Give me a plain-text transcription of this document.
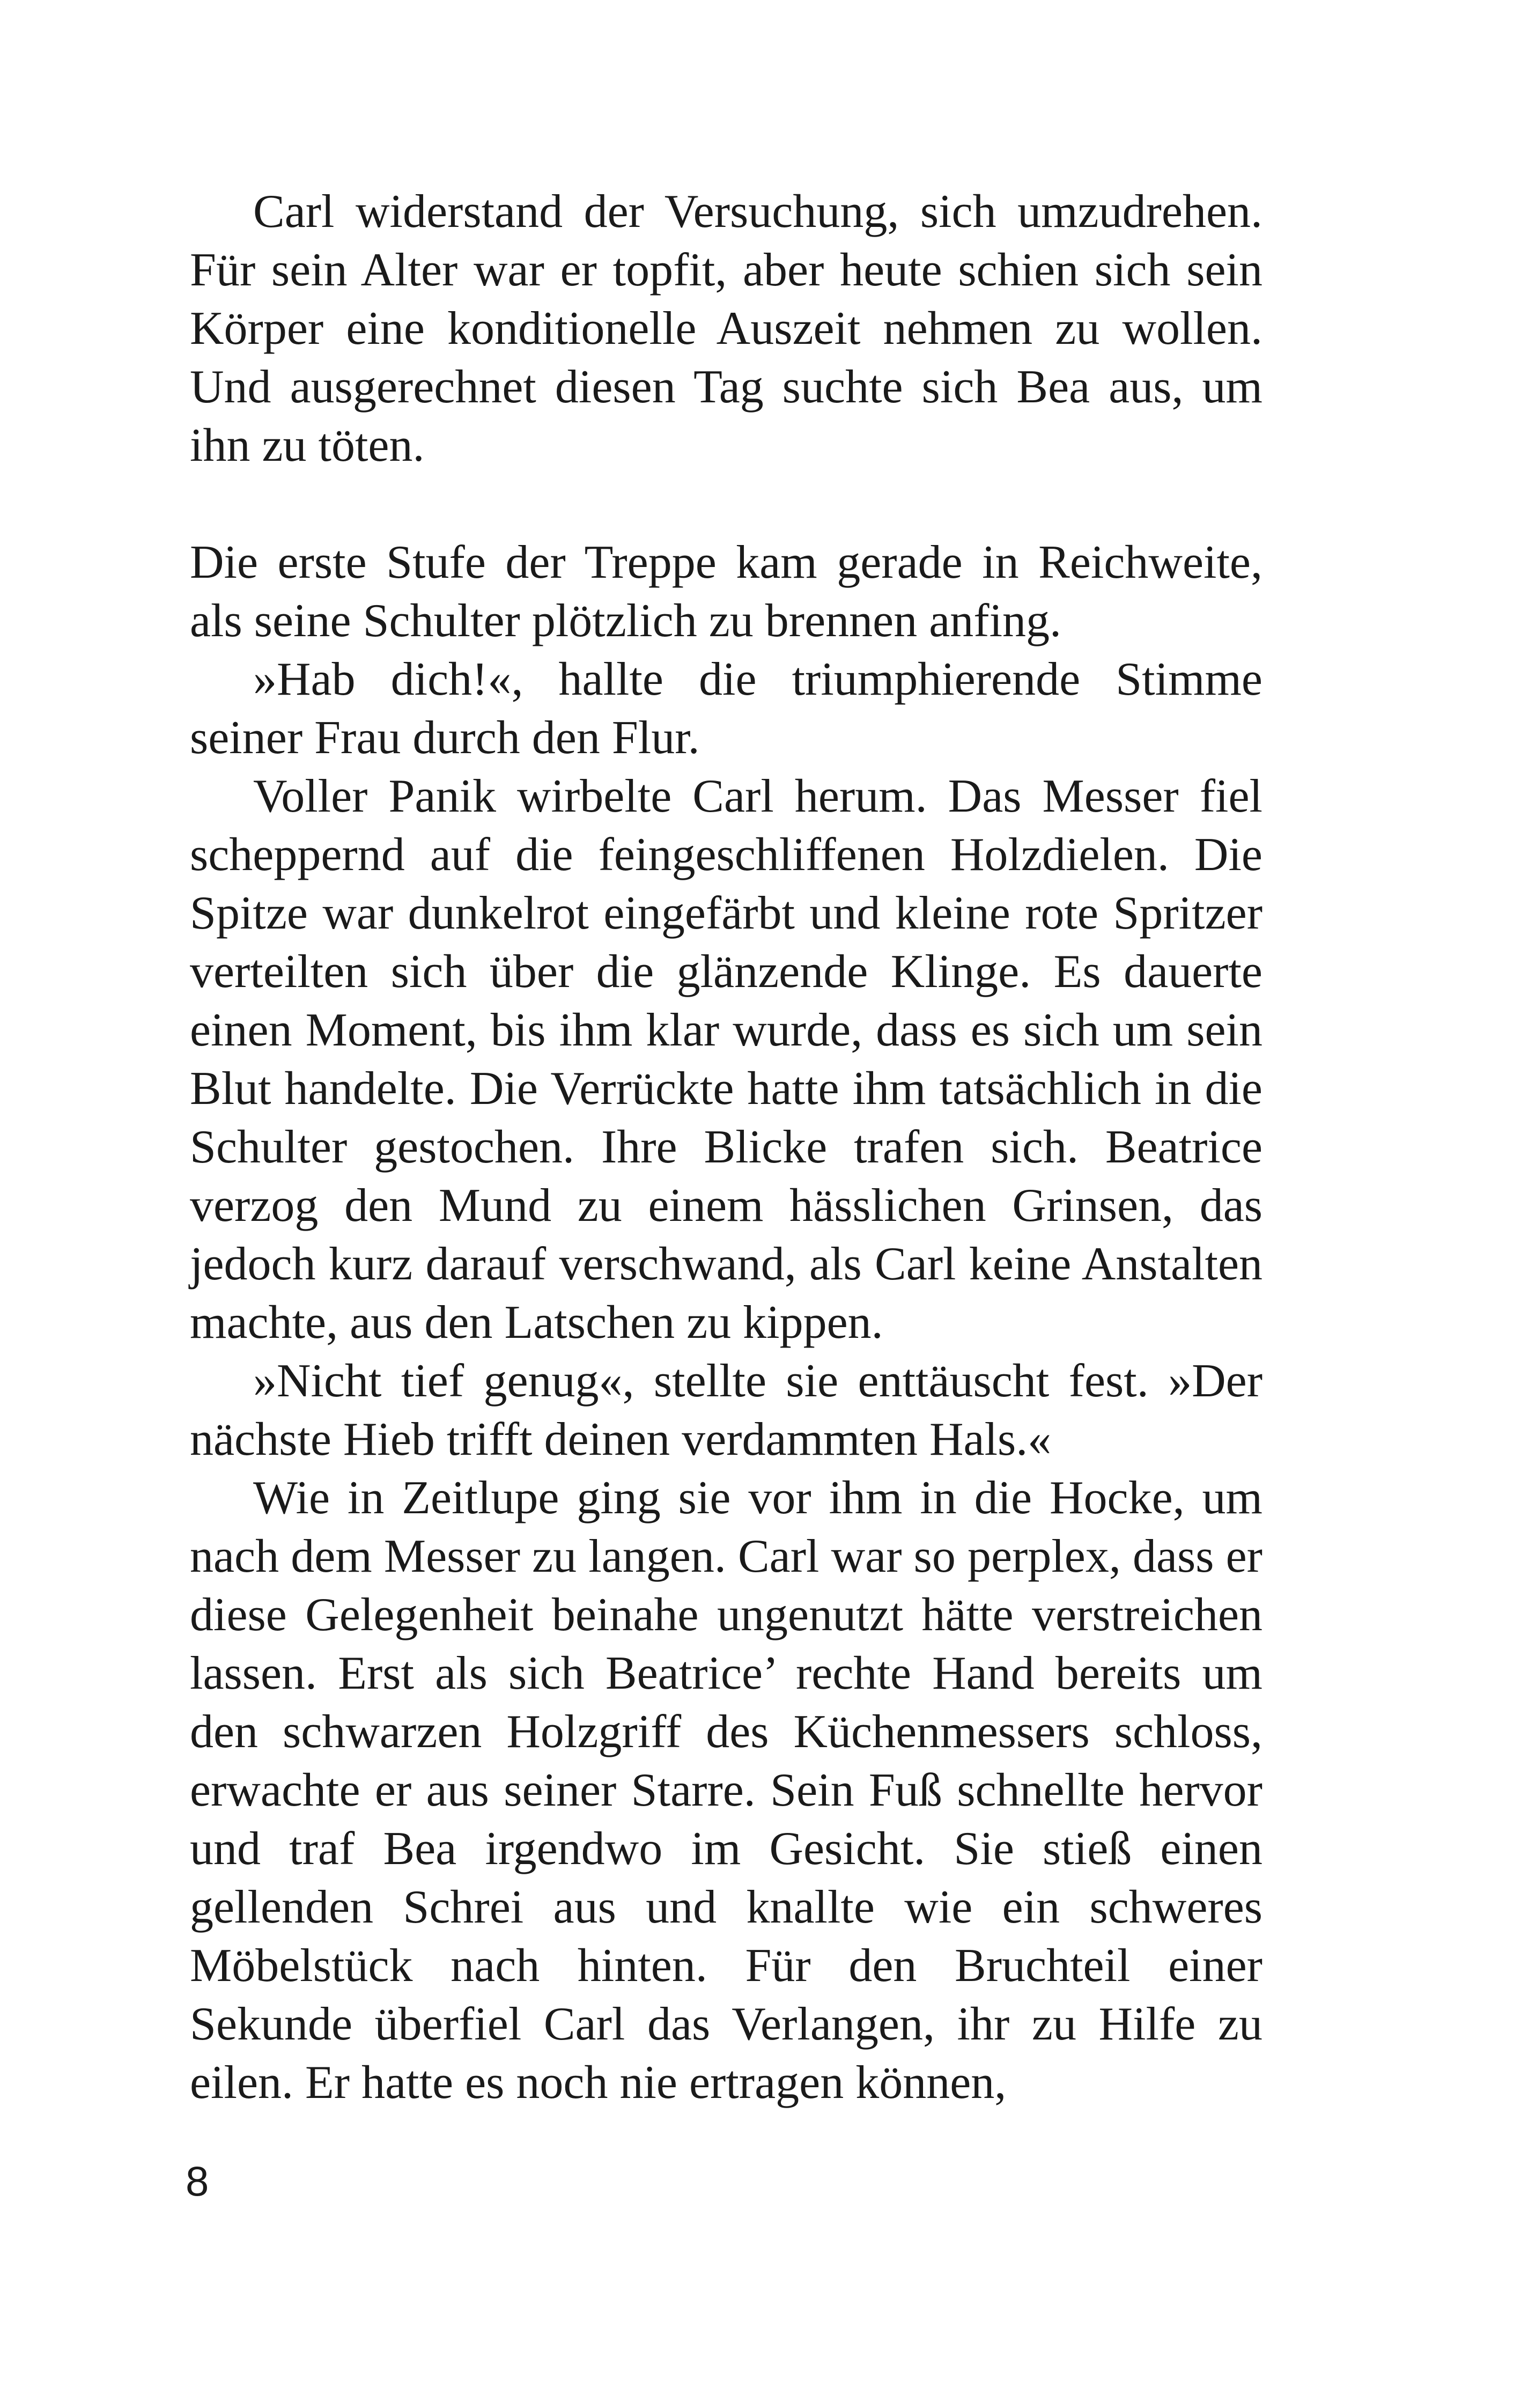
Carl widerstand der Versuchung, sich umzudrehen. Für sein Alter war er topfit, aber heute schien sich sein Körper eine konditionelle Auszeit nehmen zu wollen. Und ausgerechnet diesen Tag suchte sich Bea aus, um ihn zu töten.

Die erste Stufe der Treppe kam gerade in Reichweite, als seine Schulter plötzlich zu brennen anfing.

»Hab dich!«, hallte die triumphierende Stimme seiner Frau durch den Flur.

Voller Panik wirbelte Carl herum. Das Messer fiel scheppernd auf die feingeschliffenen Holzdielen. Die Spitze war dunkelrot eingefärbt und kleine rote Spritzer verteilten sich über die glänzende Klinge. Es dauerte einen Moment, bis ihm klar wurde, dass es sich um sein Blut handelte. Die Verrückte hatte ihm tatsächlich in die Schulter gestochen. Ihre Blicke trafen sich. Beatrice verzog den Mund zu einem hässlichen Grinsen, das jedoch kurz darauf verschwand, als Carl keine Anstalten machte, aus den Latschen zu kippen.

»Nicht tief genug«, stellte sie enttäuscht fest. »Der nächste Hieb trifft deinen verdammten Hals.«

Wie in Zeitlupe ging sie vor ihm in die Hocke, um nach dem Messer zu langen. Carl war so perplex, dass er diese Gelegenheit beinahe ungenutzt hätte verstreichen lassen. Erst als sich Beatrice’ rechte Hand bereits um den schwarzen Holzgriff des Küchenmessers schloss, erwachte er aus seiner Starre. Sein Fuß schnellte hervor und traf Bea irgendwo im Gesicht. Sie stieß einen gellenden Schrei aus und knallte wie ein schweres Möbelstück nach hinten. Für den Bruchteil einer Sekunde überfiel Carl das Verlangen, ihr zu Hilfe zu eilen. Er hatte es noch nie ertragen können,

8
